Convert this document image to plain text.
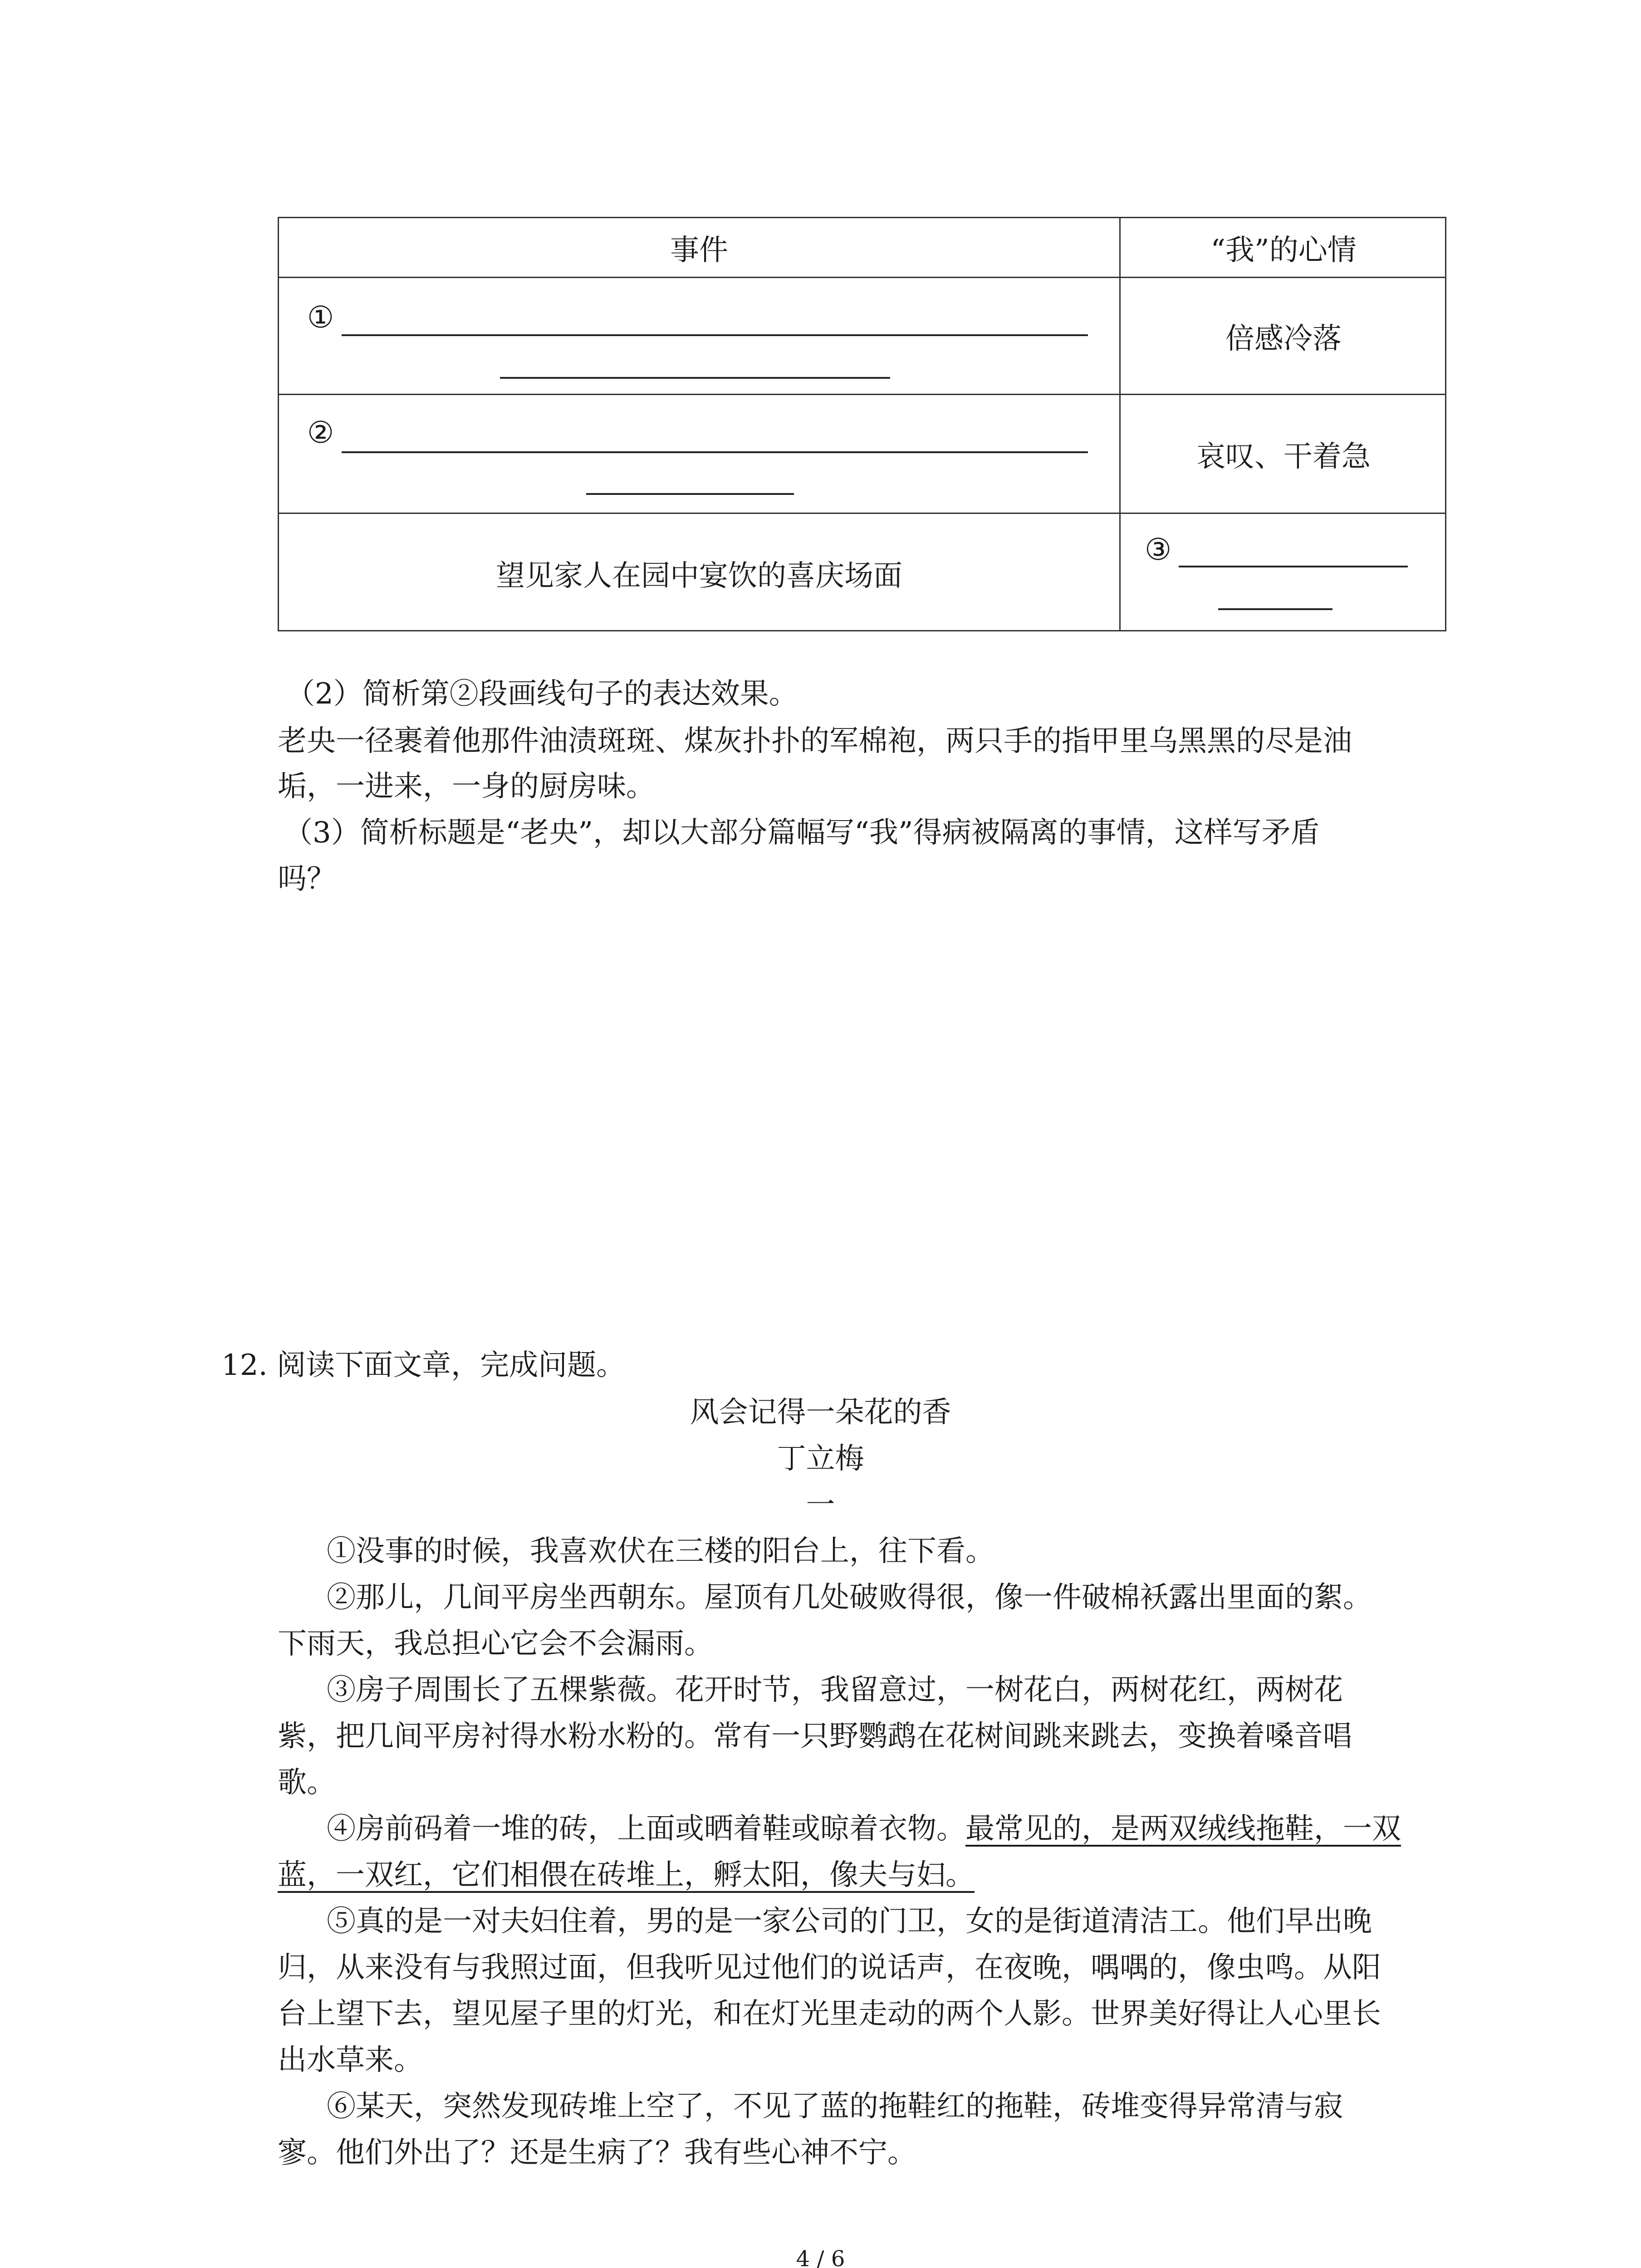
事件	“我”的心情
①
倍感冷落
②
哀叹、干着急
望见家人在园中宴饮的喜庆场面
③
（2）简析第②段画线句子的表达效果。
老央一径裹着他那件油渍斑斑、煤灰扑扑的军棉袍，两只手的指甲里乌黑黑的尽是油
垢，一进来，一身的厨房味。
（3）简析标题是“老央”，却以大部分篇幅写“我”得病被隔离的事情，这样写矛盾
吗？
12. 阅读下面文章，完成问题。
风会记得一朵花的香
丁立梅
一
①没事的时候，我喜欢伏在三楼的阳台上，往下看。
②那儿，几间平房坐西朝东。屋顶有几处破败得很，像一件破棉袄露出里面的絮。
下雨天，我总担心它会不会漏雨。
③房子周围长了五棵紫薇。花开时节，我留意过，一树花白，两树花红，两树花
紫，把几间平房衬得水粉水粉的。常有一只野鹦鹉在花树间跳来跳去，变换着嗓音唱
歌。
④房前码着一堆的砖，上面或晒着鞋或晾着衣物。最常见的，是两双绒线拖鞋，一双
蓝，一双红，它们相偎在砖堆上，孵太阳，像夫与妇。
⑤真的是一对夫妇住着，男的是一家公司的门卫，女的是街道清洁工。他们早出晚
归，从来没有与我照过面，但我听见过他们的说话声，在夜晚，喁喁的，像虫鸣。从阳
台上望下去，望见屋子里的灯光，和在灯光里走动的两个人影。世界美好得让人心里长
出水草来。
⑥某天，突然发现砖堆上空了，不见了蓝的拖鞋红的拖鞋，砖堆变得异常清与寂
寥。他们外出了？还是生病了？我有些心神不宁。
4 / 6
